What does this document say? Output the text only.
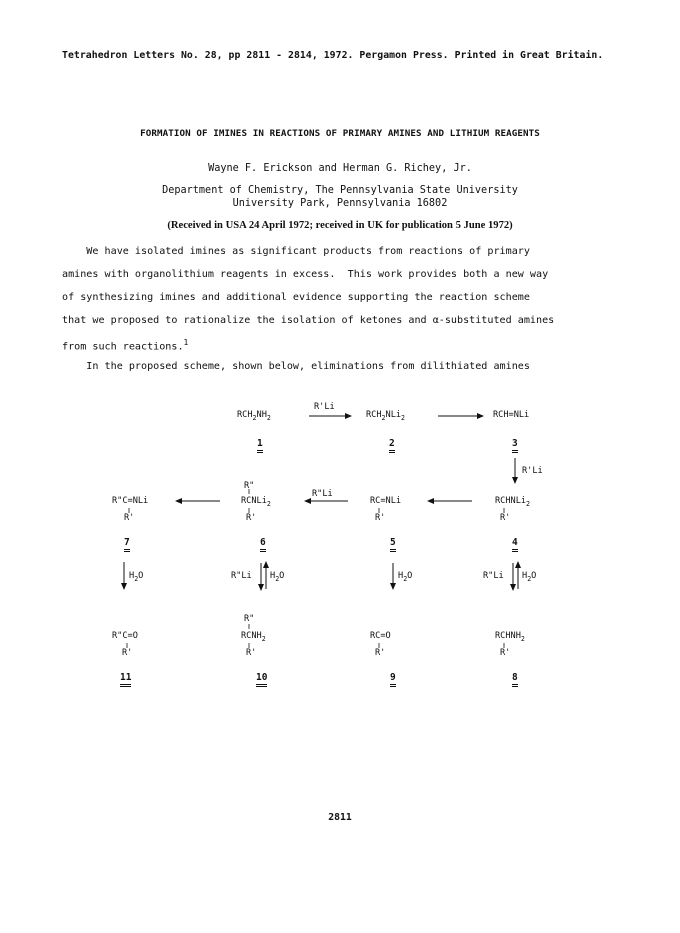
Tetrahedron Letters No. 28, pp 2811 - 2814, 1972. Pergamon Press. Printed in Great Britain.
FORMATION OF IMINES IN REACTIONS OF PRIMARY AMINES AND LITHIUM REAGENTS
Wayne F. Erickson and Herman G. Richey, Jr.
Department of Chemistry, The Pennsylvania State University
University Park, Pennsylvania 16802
(Received in USA 24 April 1972; received in UK for publication 5 June 1972)
We have isolated imines as significant products from reactions of primary
amines with organolithium reagents in excess.  This work provides both a new way
of synthesizing imines and additional evidence supporting the reaction scheme
that we proposed to rationalize the isolation of ketones and α-substituted amines
from such reactions.$^1$
In the proposed scheme, shown below, eliminations from dilithiated amines
$RCH_2NH_2$
R'Li
$RCH_2NLi_2$	RCH=NLi
1	2	3
R'Li
R"
R"C=NLi
R'
RCNLi$_2$
R'
R"Li
RC=NLi
R'
RCHNLi$_2$
R'
7	6	5	4
$H_2O$	R"Li $H_2O$	$H_2O$	R"Li $H_2O$
R"
R"C=O
R'
$RCNH_2$
R'
RC=O
R'
$RCHNH_2$
R'
11	10	9	8
2811
